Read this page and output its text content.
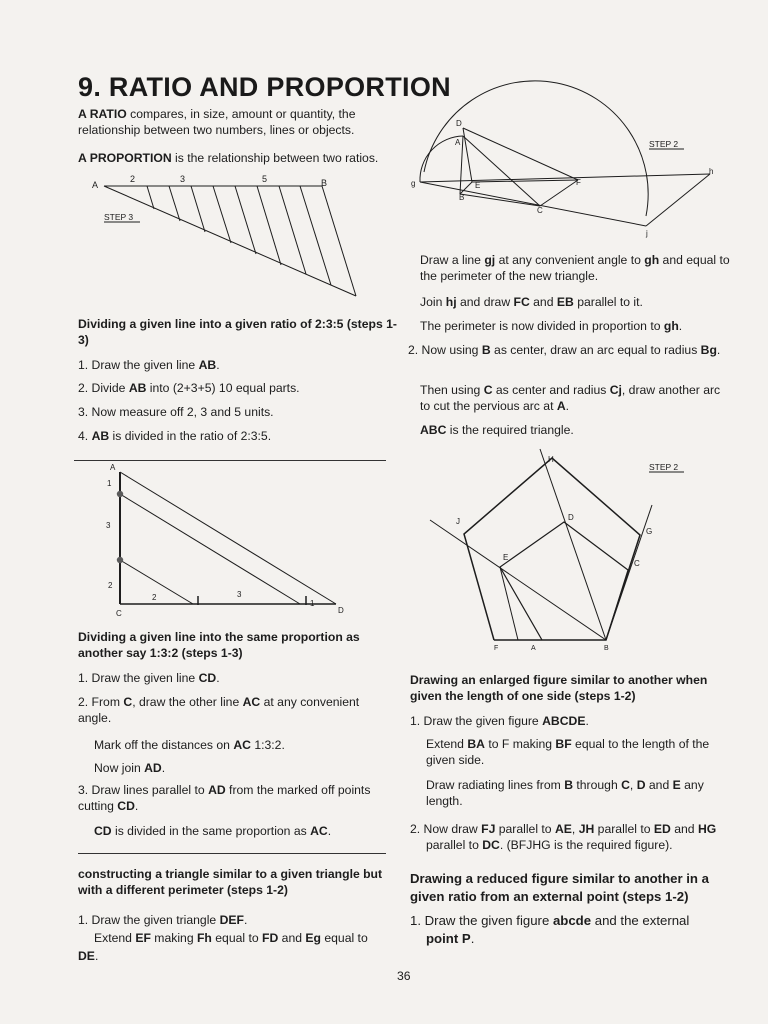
9. RATIO AND PROPORTION

A RATIO compares, in size, amount or quantity, the relationship between two numbers, lines or objects.

A PROPORTION is the relationship between two ratios.

A	B
2	3	5
STEP 3

Dividing a given line into a given ratio of 2:3:5 (steps 1-3)

1. Draw the given line AB.

2. Divide AB into (2+3+5) 10 equal parts.

3. Now measure off 2, 3 and 5 units.

4. AB is divided in the ratio of 2:3:5.

A
1
3
2
C	D
2	3
1

Dividing a given line into the same proportion as another say 1:3:2 (steps 1-3)

1. Draw the given line CD.

2. From C, draw the other line AC at any convenient angle.

Mark off the distances on AC 1:3:2.

Now join AD.

3. Draw lines parallel to AD from the marked off points cutting CD.

CD is divided in the same proportion as AC.

constructing a triangle similar to a given triangle but with a different perimeter (steps 1-2)

1. Draw the given triangle DEF.

Extend EF making Fh equal to FD and Eg equal to

DE.

D
A
g	E
B
F
C
h
j
STEP 2

Draw a line gj at any convenient angle to gh and equal to the perimeter of the new triangle.

Join hj and draw FC and EB parallel to it.

The perimeter is now divided in proportion to gh.

2. Now using B as center, draw an arc equal to radius Bg.

Then using C as center and radius Cj, draw another arc to cut the pervious arc at A.

ABC is the required triangle.

H
J	D
G
E
C
F	A	B
STEP 2

Drawing an enlarged figure similar to another when given the length of one side (steps 1-2)

1. Draw the given figure ABCDE.

Extend BA to F making BF equal to the length of the given side.

Draw radiating lines from B through C, D and E any length.

2. Now draw FJ parallel to AE, JH parallel to ED and HG

parallel to DC. (BFJHG is the required figure).

Drawing a reduced figure similar to another in a given ratio from an external point (steps 1-2)

1. Draw the given figure abcde and the external

point P.

36
